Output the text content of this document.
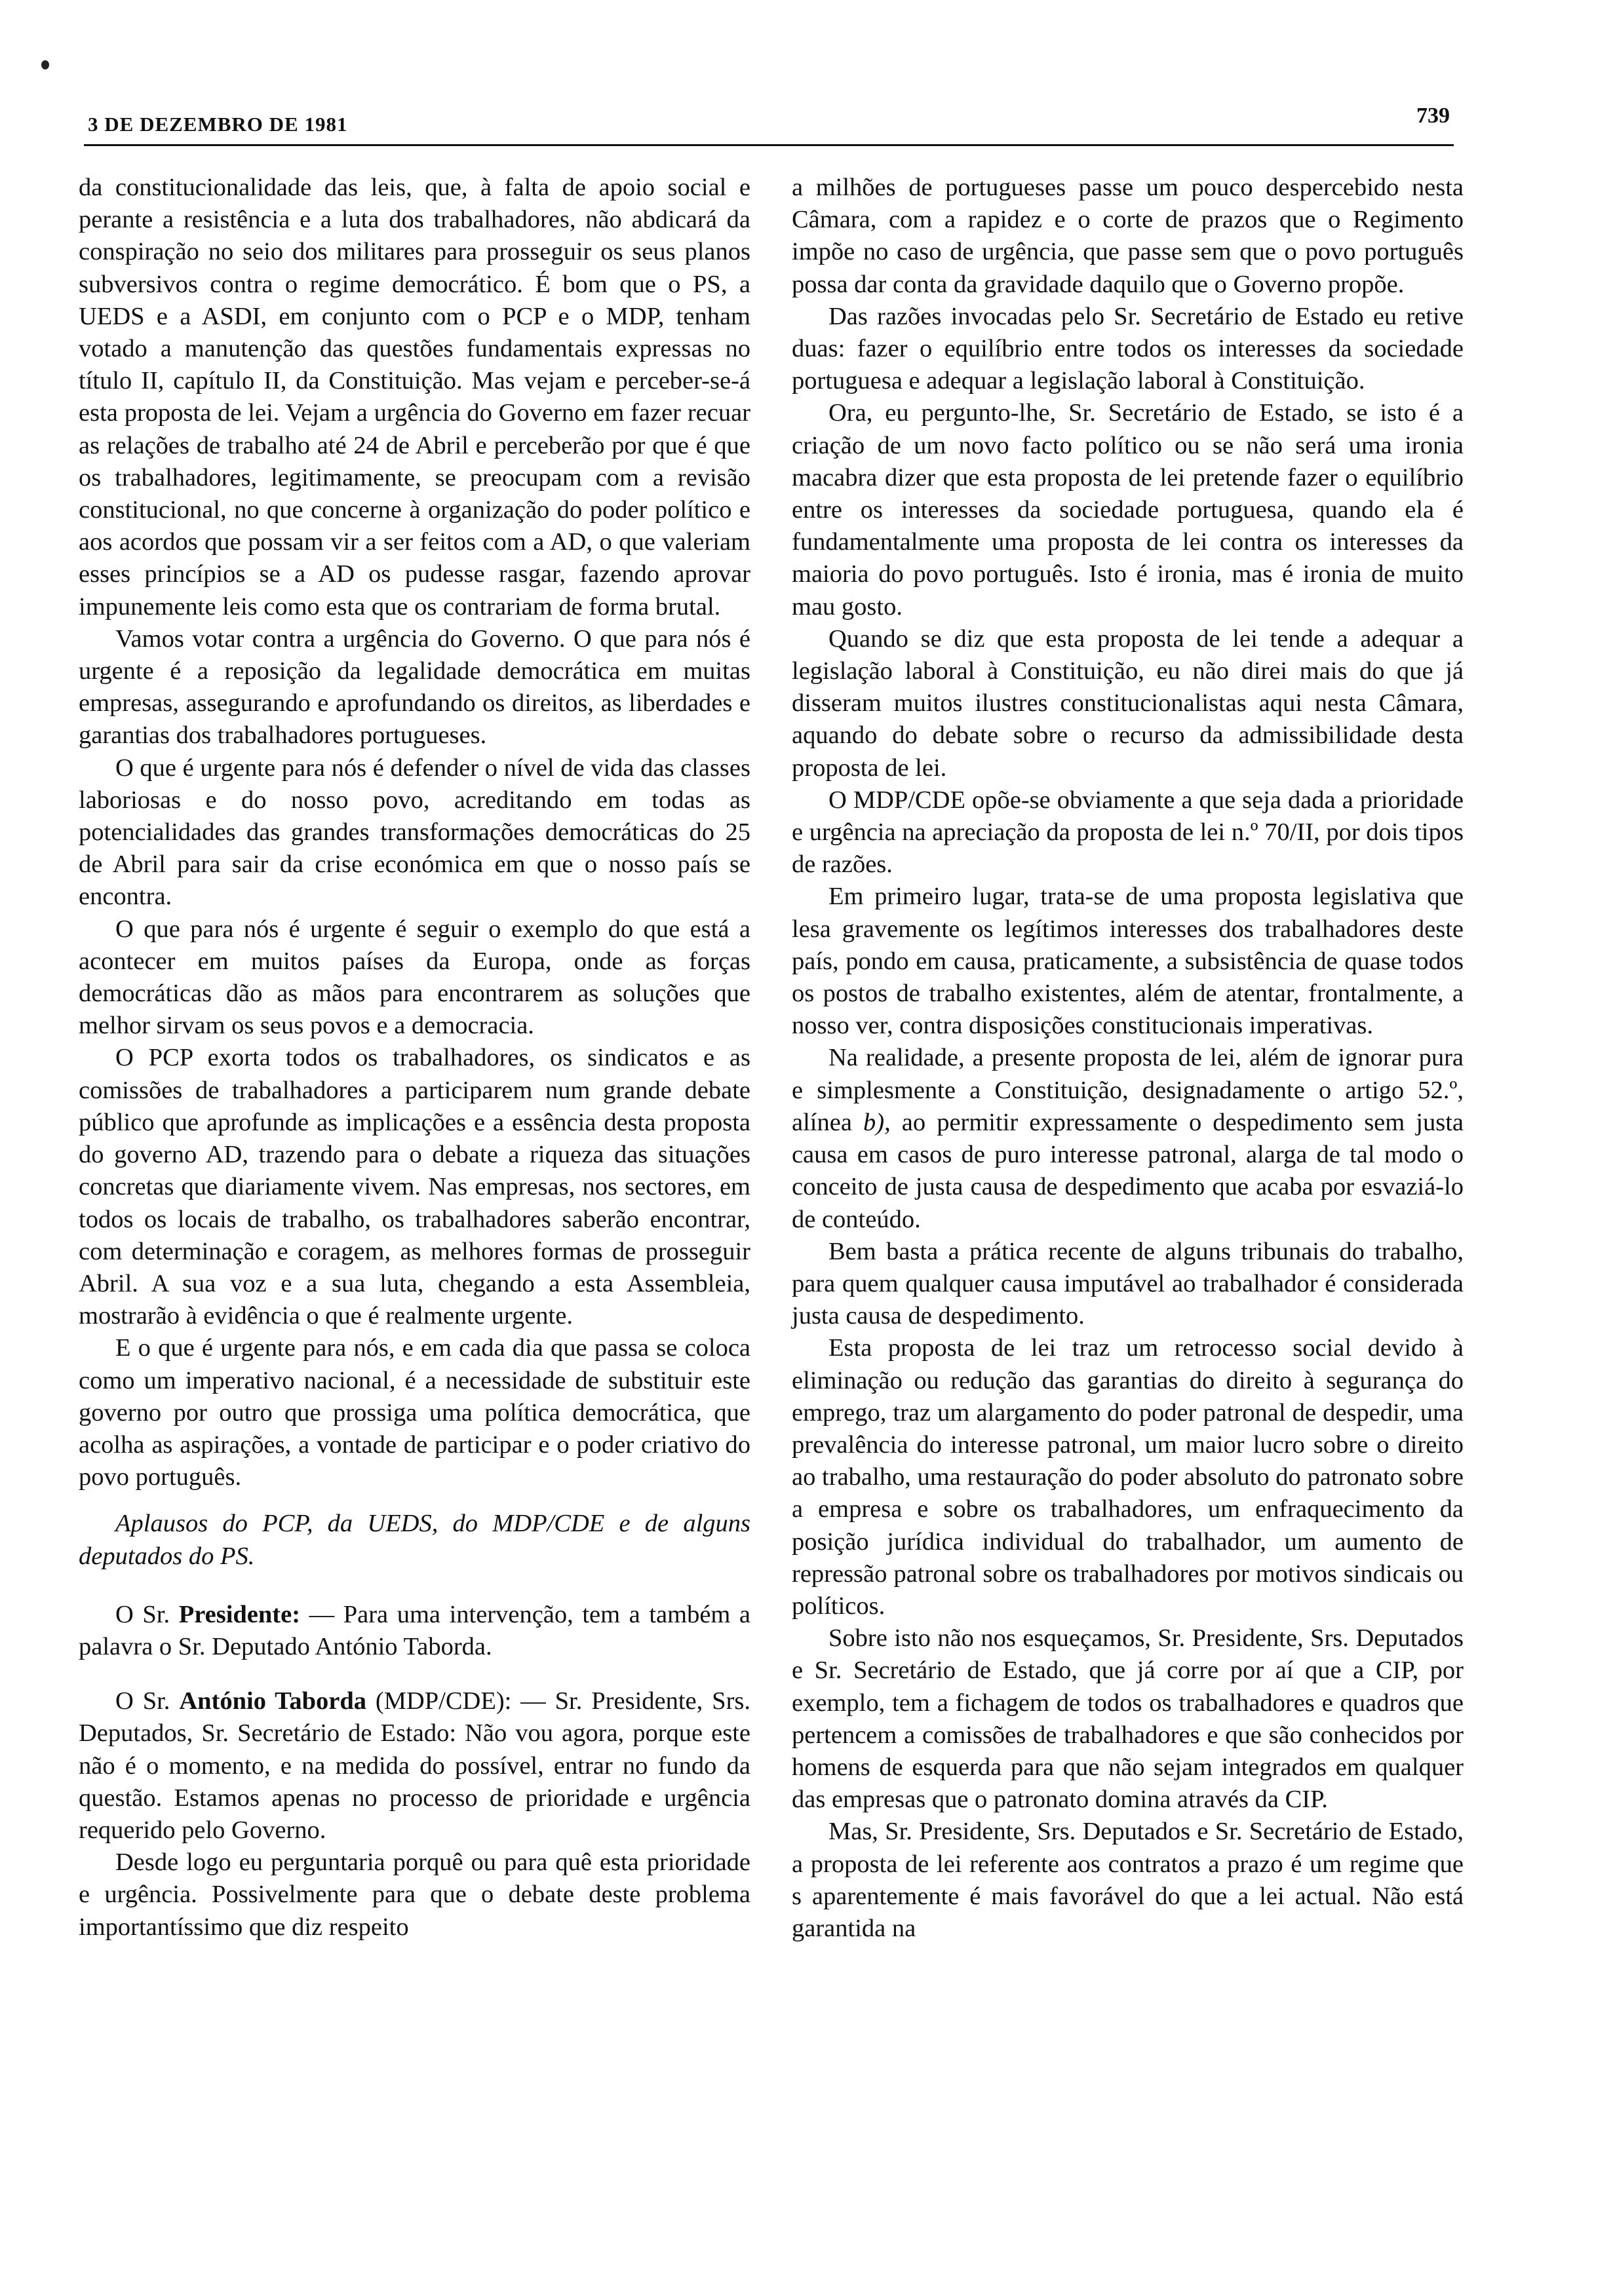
3 DE DEZEMBRO DE 1981	739

da constitucionalidade das leis, que, à falta de apoio social e perante a resistência e a luta dos trabalhadores, não abdicará da conspiração no seio dos militares para prosseguir os seus planos subversivos contra o regime democrático. É bom que o PS, a UEDS e a ASDI, em conjunto com o PCP e o MDP, tenham votado a manutenção das questões fundamentais expressas no título II, capítulo II, da Constituição. Mas vejam e perceber-se-á esta proposta de lei. Vejam a urgência do Governo em fazer recuar as relações de trabalho até 24 de Abril e perceberão por que é que os trabalhadores, legitimamente, se preocupam com a revisão constitucional, no que concerne à organização do poder político e aos acordos que possam vir a ser feitos com a AD, o que valeriam esses princípios se a AD os pudesse rasgar, fazendo aprovar impunemente leis como esta que os contrariam de forma brutal.

Vamos votar contra a urgência do Governo. O que para nós é urgente é a reposição da legalidade democrática em muitas empresas, assegurando e aprofundando os direitos, as liberdades e garantias dos trabalhadores portugueses.

O que é urgente para nós é defender o nível de vida das classes laboriosas e do nosso povo, acreditando em todas as potencialidades das grandes transformações democráticas do 25 de Abril para sair da crise económica em que o nosso país se encontra.

O que para nós é urgente é seguir o exemplo do que está a acontecer em muitos países da Europa, onde as forças democráticas dão as mãos para encontrarem as soluções que melhor sirvam os seus povos e a democracia.

O PCP exorta todos os trabalhadores, os sindicatos e as comissões de trabalhadores a participarem num grande debate público que aprofunde as implicações e a essência desta proposta do governo AD, trazendo para o debate a riqueza das situações concretas que diariamente vivem. Nas empresas, nos sectores, em todos os locais de trabalho, os trabalhadores saberão encontrar, com determinação e coragem, as melhores formas de prosseguir Abril. A sua voz e a sua luta, chegando a esta Assembleia, mostrarão à evidência o que é realmente urgente.

E o que é urgente para nós, e em cada dia que passa se coloca como um imperativo nacional, é a necessidade de substituir este governo por outro que prossiga uma política democrática, que acolha as aspirações, a vontade de participar e o poder criativo do povo português.

Aplausos do PCP, da UEDS, do MDP/CDE e de alguns deputados do PS.

O Sr. Presidente: — Para uma intervenção, tem a também a palavra o Sr. Deputado António Taborda.

O Sr. António Taborda (MDP/CDE): — Sr. Presidente, Srs. Deputados, Sr. Secretário de Estado: Não vou agora, porque este não é o momento, e na medida do possível, entrar no fundo da questão. Estamos apenas no processo de prioridade e urgência requerido pelo Governo.

Desde logo eu perguntaria porquê ou para quê esta prioridade e urgência. Possivelmente para que o debate deste problema importantíssimo que diz respeito

a milhões de portugueses passe um pouco despercebido nesta Câmara, com a rapidez e o corte de prazos que o Regimento impõe no caso de urgência, que passe sem que o povo português possa dar conta da gravidade daquilo que o Governo propõe.

Das razões invocadas pelo Sr. Secretário de Estado eu retive duas: fazer o equilíbrio entre todos os interesses da sociedade portuguesa e adequar a legislação laboral à Constituição.

Ora, eu pergunto-lhe, Sr. Secretário de Estado, se isto é a criação de um novo facto político ou se não será uma ironia macabra dizer que esta proposta de lei pretende fazer o equilíbrio entre os interesses da sociedade portuguesa, quando ela é fundamentalmente uma proposta de lei contra os interesses da maioria do povo português. Isto é ironia, mas é ironia de muito mau gosto.

Quando se diz que esta proposta de lei tende a adequar a legislação laboral à Constituição, eu não direi mais do que já disseram muitos ilustres constitucionalistas aqui nesta Câmara, aquando do debate sobre o recurso da admissibilidade desta proposta de lei.

O MDP/CDE opõe-se obviamente a que seja dada a prioridade e urgência na apreciação da proposta de lei n.º 70/II, por dois tipos de razões.

Em primeiro lugar, trata-se de uma proposta legislativa que lesa gravemente os legítimos interesses dos trabalhadores deste país, pondo em causa, praticamente, a subsistência de quase todos os postos de trabalho existentes, além de atentar, frontalmente, a nosso ver, contra disposições constitucionais imperativas.

Na realidade, a presente proposta de lei, além de ignorar pura e simplesmente a Constituição, designadamente o artigo 52.º, alínea b), ao permitir expressamente o despedimento sem justa causa em casos de puro interesse patronal, alarga de tal modo o conceito de justa causa de despedimento que acaba por esvaziá-lo de conteúdo.

Bem basta a prática recente de alguns tribunais do trabalho, para quem qualquer causa imputável ao trabalhador é considerada justa causa de despedimento.

Esta proposta de lei traz um retrocesso social devido à eliminação ou redução das garantias do direito à segurança do emprego, traz um alargamento do poder patronal de despedir, uma prevalência do interesse patronal, um maior lucro sobre o direito ao trabalho, uma restauração do poder absoluto do patronato sobre a empresa e sobre os trabalhadores, um enfraquecimento da posição jurídica individual do trabalhador, um aumento de repressão patronal sobre os trabalhadores por motivos sindicais ou políticos.

Sobre isto não nos esqueçamos, Sr. Presidente, Srs. Deputados e Sr. Secretário de Estado, que já corre por aí que a CIP, por exemplo, tem a fichagem de todos os trabalhadores e quadros que pertencem a comissões de trabalhadores e que são conhecidos por homens de esquerda para que não sejam integrados em qualquer das empresas que o patronato domina através da CIP.

Mas, Sr. Presidente, Srs. Deputados e Sr. Secretário de Estado, a proposta de lei referente aos contratos a prazo é um regime que s aparentemente é mais favorável do que a lei actual. Não está garantida na
